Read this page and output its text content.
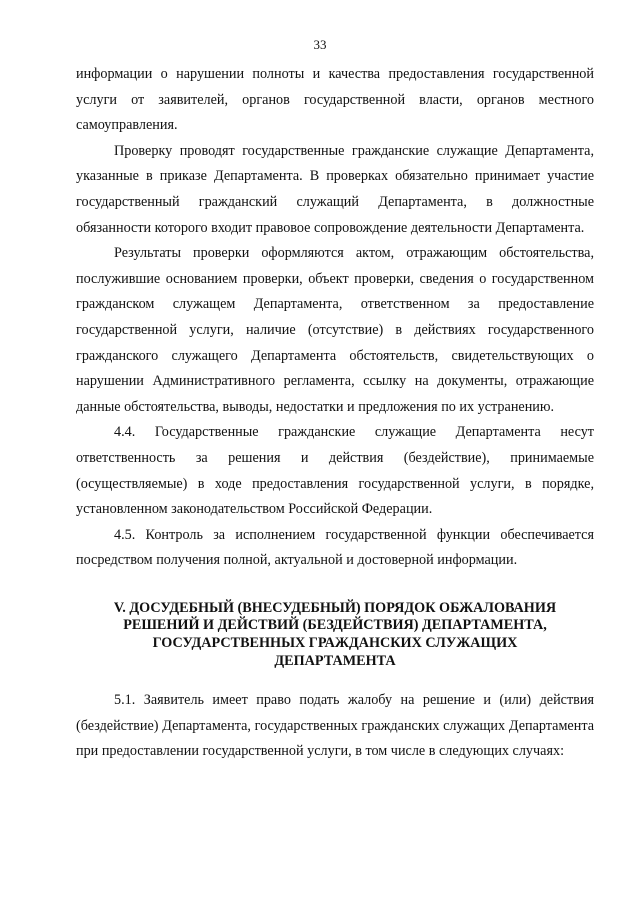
33

информации о нарушении полноты и качества предоставления государственной услуги от заявителей, органов государственной власти, органов местного самоуправления.

Проверку проводят государственные гражданские служащие Департамента, указанные в приказе Департамента. В проверках обязательно принимает участие государственный гражданский служащий Департамента, в должностные обязанности которого входит правовое сопровождение деятельности Департамента.

Результаты проверки оформляются актом, отражающим обстоятельства, послужившие основанием проверки, объект проверки, сведения о государственном гражданском служащем Департамента, ответственном за предоставление государственной услуги, наличие (отсутствие) в действиях государственного гражданского служащего Департамента обстоятельств, свидетельствующих о нарушении Административного регламента, ссылку на документы, отражающие данные обстоятельства, выводы, недостатки и предложения по их устранению.

4.4. Государственные гражданские служащие Департамента несут ответственность за решения и действия (бездействие), принимаемые (осуществляемые) в ходе предоставления государственной услуги, в порядке, установленном законодательством Российской Федерации.

4.5. Контроль за исполнением государственной функции обеспечивается посредством получения полной, актуальной и достоверной информации.

V. ДОСУДЕБНЫЙ (ВНЕСУДЕБНЫЙ) ПОРЯДОК ОБЖАЛОВАНИЯ
РЕШЕНИЙ И ДЕЙСТВИЙ (БЕЗДЕЙСТВИЯ) ДЕПАРТАМЕНТА,
ГОСУДАРСТВЕННЫХ ГРАЖДАНСКИХ СЛУЖАЩИХ
ДЕПАРТАМЕНТА

5.1. Заявитель имеет право подать жалобу на решение и (или) действия (бездействие) Департамента, государственных гражданских служащих Департамента при предоставлении государственной услуги, в том числе в следующих случаях:
